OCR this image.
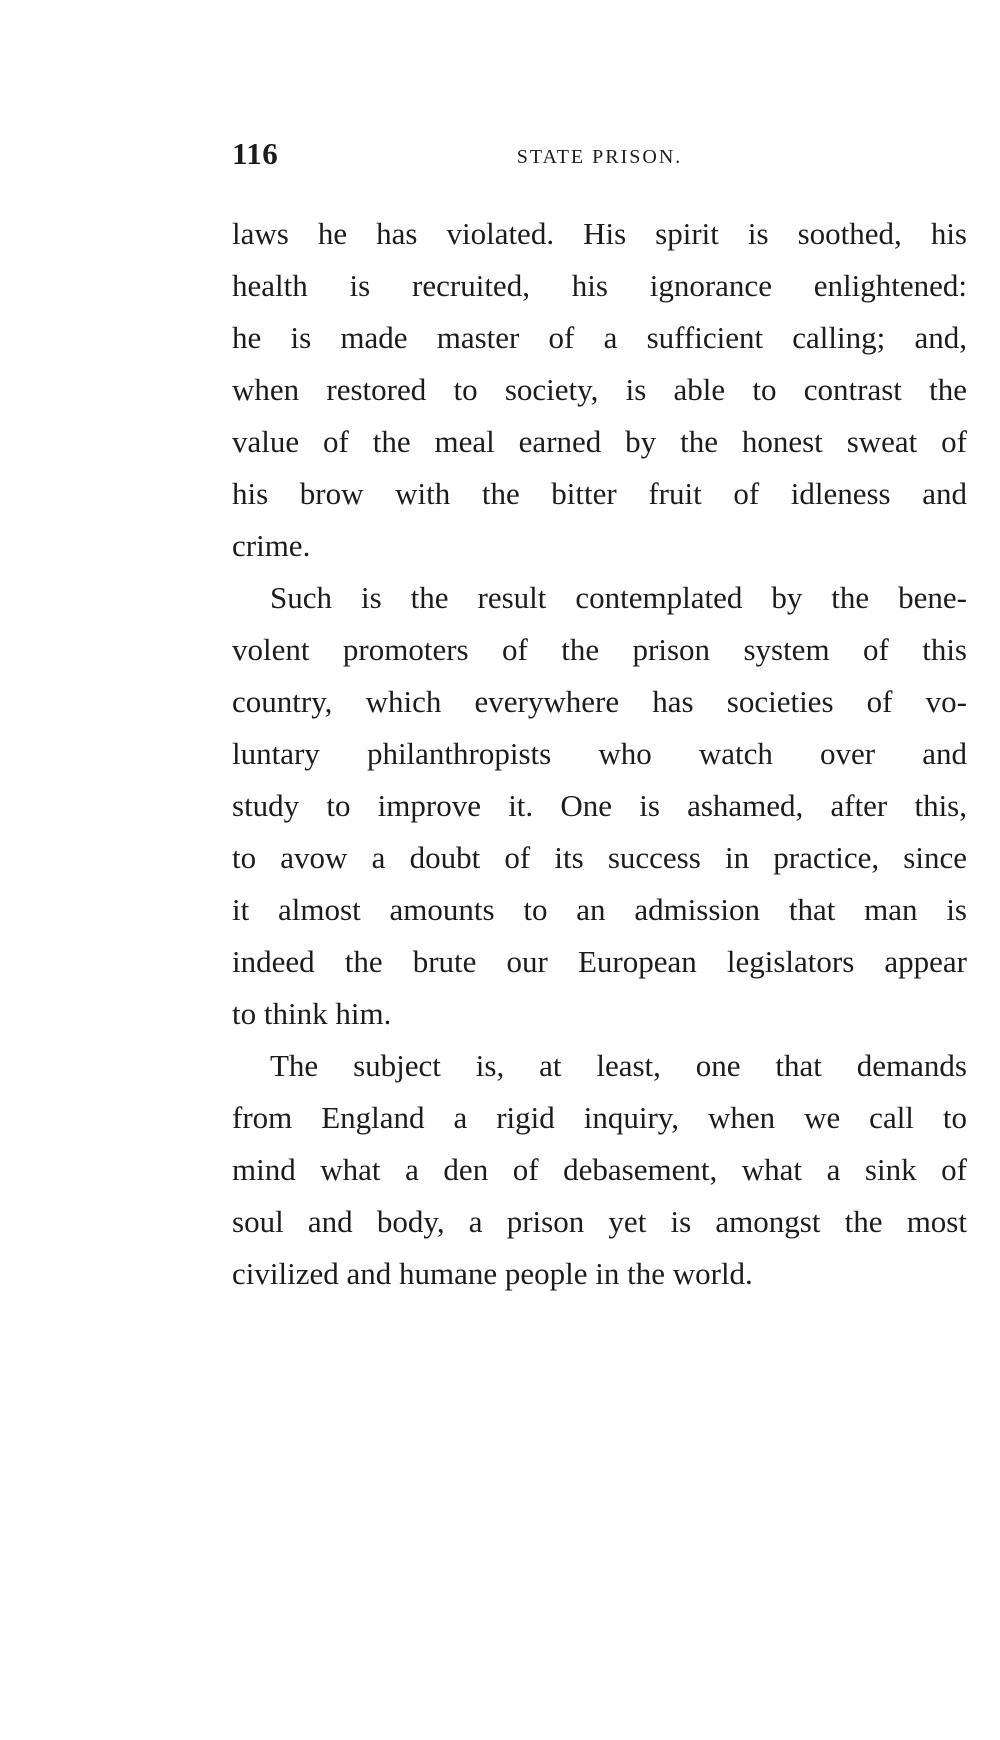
116	STATE PRISON.
laws he has violated. His spirit is soothed, his
health is recruited, his ignorance enlightened:
he is made master of a sufficient calling; and,
when restored to society, is able to contrast the
value of the meal earned by the honest sweat of
his brow with the bitter fruit of idleness and
crime.
Such is the result contemplated by the bene-
volent promoters of the prison system of this
country, which everywhere has societies of vo-
luntary philanthropists who watch over and
study to improve it. One is ashamed, after this,
to avow a doubt of its success in practice, since
it almost amounts to an admission that man is
indeed the brute our European legislators appear
to think him.
The subject is, at least, one that demands
from England a rigid inquiry, when we call to
mind what a den of debasement, what a sink of
soul and body, a prison yet is amongst the most
civilized and humane people in the world.
